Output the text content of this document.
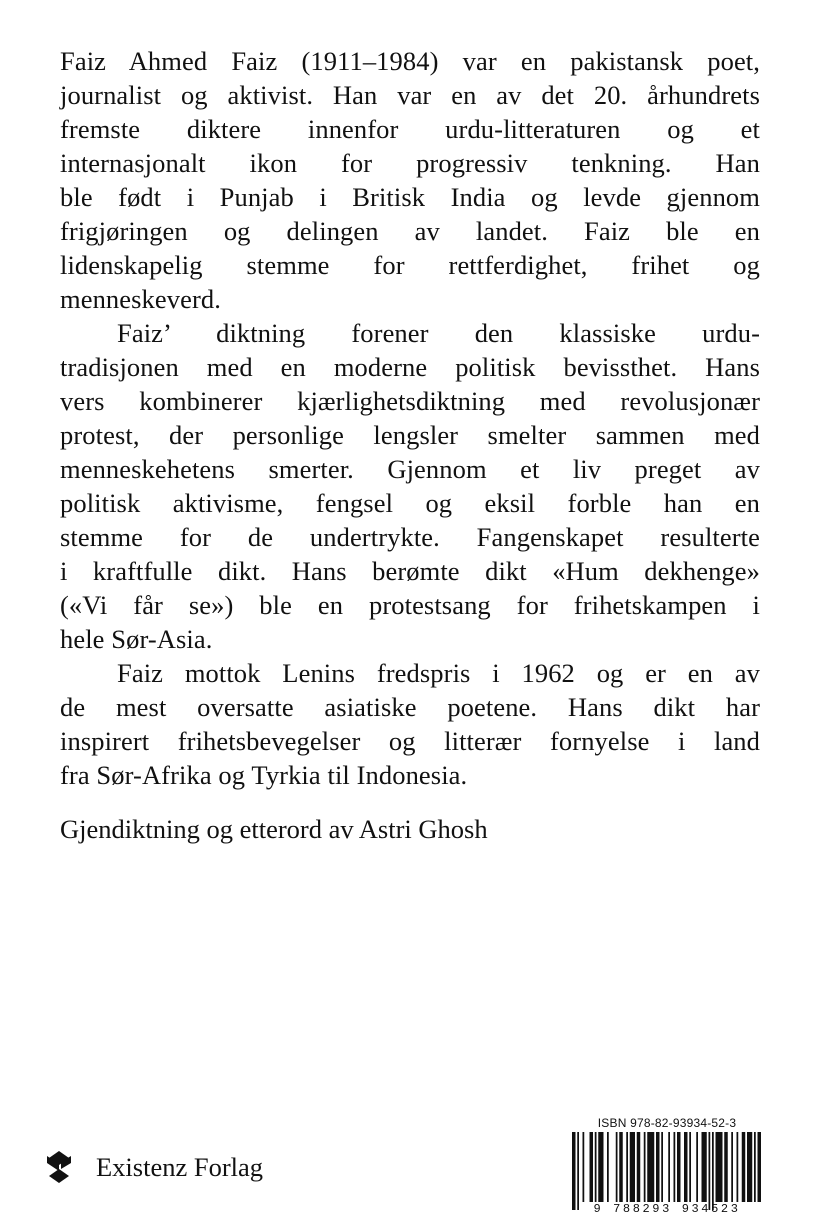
Faiz Ahmed Faiz (1911–1984) var en pakistansk poet,
journalist og aktivist. Han var en av det 20. århundrets
fremste diktere innenfor urdu-litteraturen og et
internasjonalt ikon for progressiv tenkning. Han
ble født i Punjab i Britisk India og levde gjennom
frigjøringen og delingen av landet. Faiz ble en
lidenskapelig stemme for rettferdighet, frihet og
menneskeverd.
Faiz’ diktning forener den klassiske urdu-
tradisjonen med en moderne politisk bevissthet. Hans
vers kombinerer kjærlighetsdiktning med revolusjonær
protest, der personlige lengsler smelter sammen med
menneskehetens smerter. Gjennom et liv preget av
politisk aktivisme, fengsel og eksil forble han en
stemme for de undertrykte. Fangenskapet resulterte
i kraftfulle dikt. Hans berømte dikt «Hum dekhenge»
(«Vi får se») ble en protestsang for frihetskampen i
hele Sør-Asia.
Faiz mottok Lenins fredspris i 1962 og er en av
de mest oversatte asiatiske poetene. Hans dikt har
inspirert frihetsbevegelser og litterær fornyelse i land
fra Sør-Afrika og Tyrkia til Indonesia.
Gjendiktning og etterord av Astri Ghosh
Existenz Forlag
ISBN 978-82-93934-52-3
9 788293 934523
